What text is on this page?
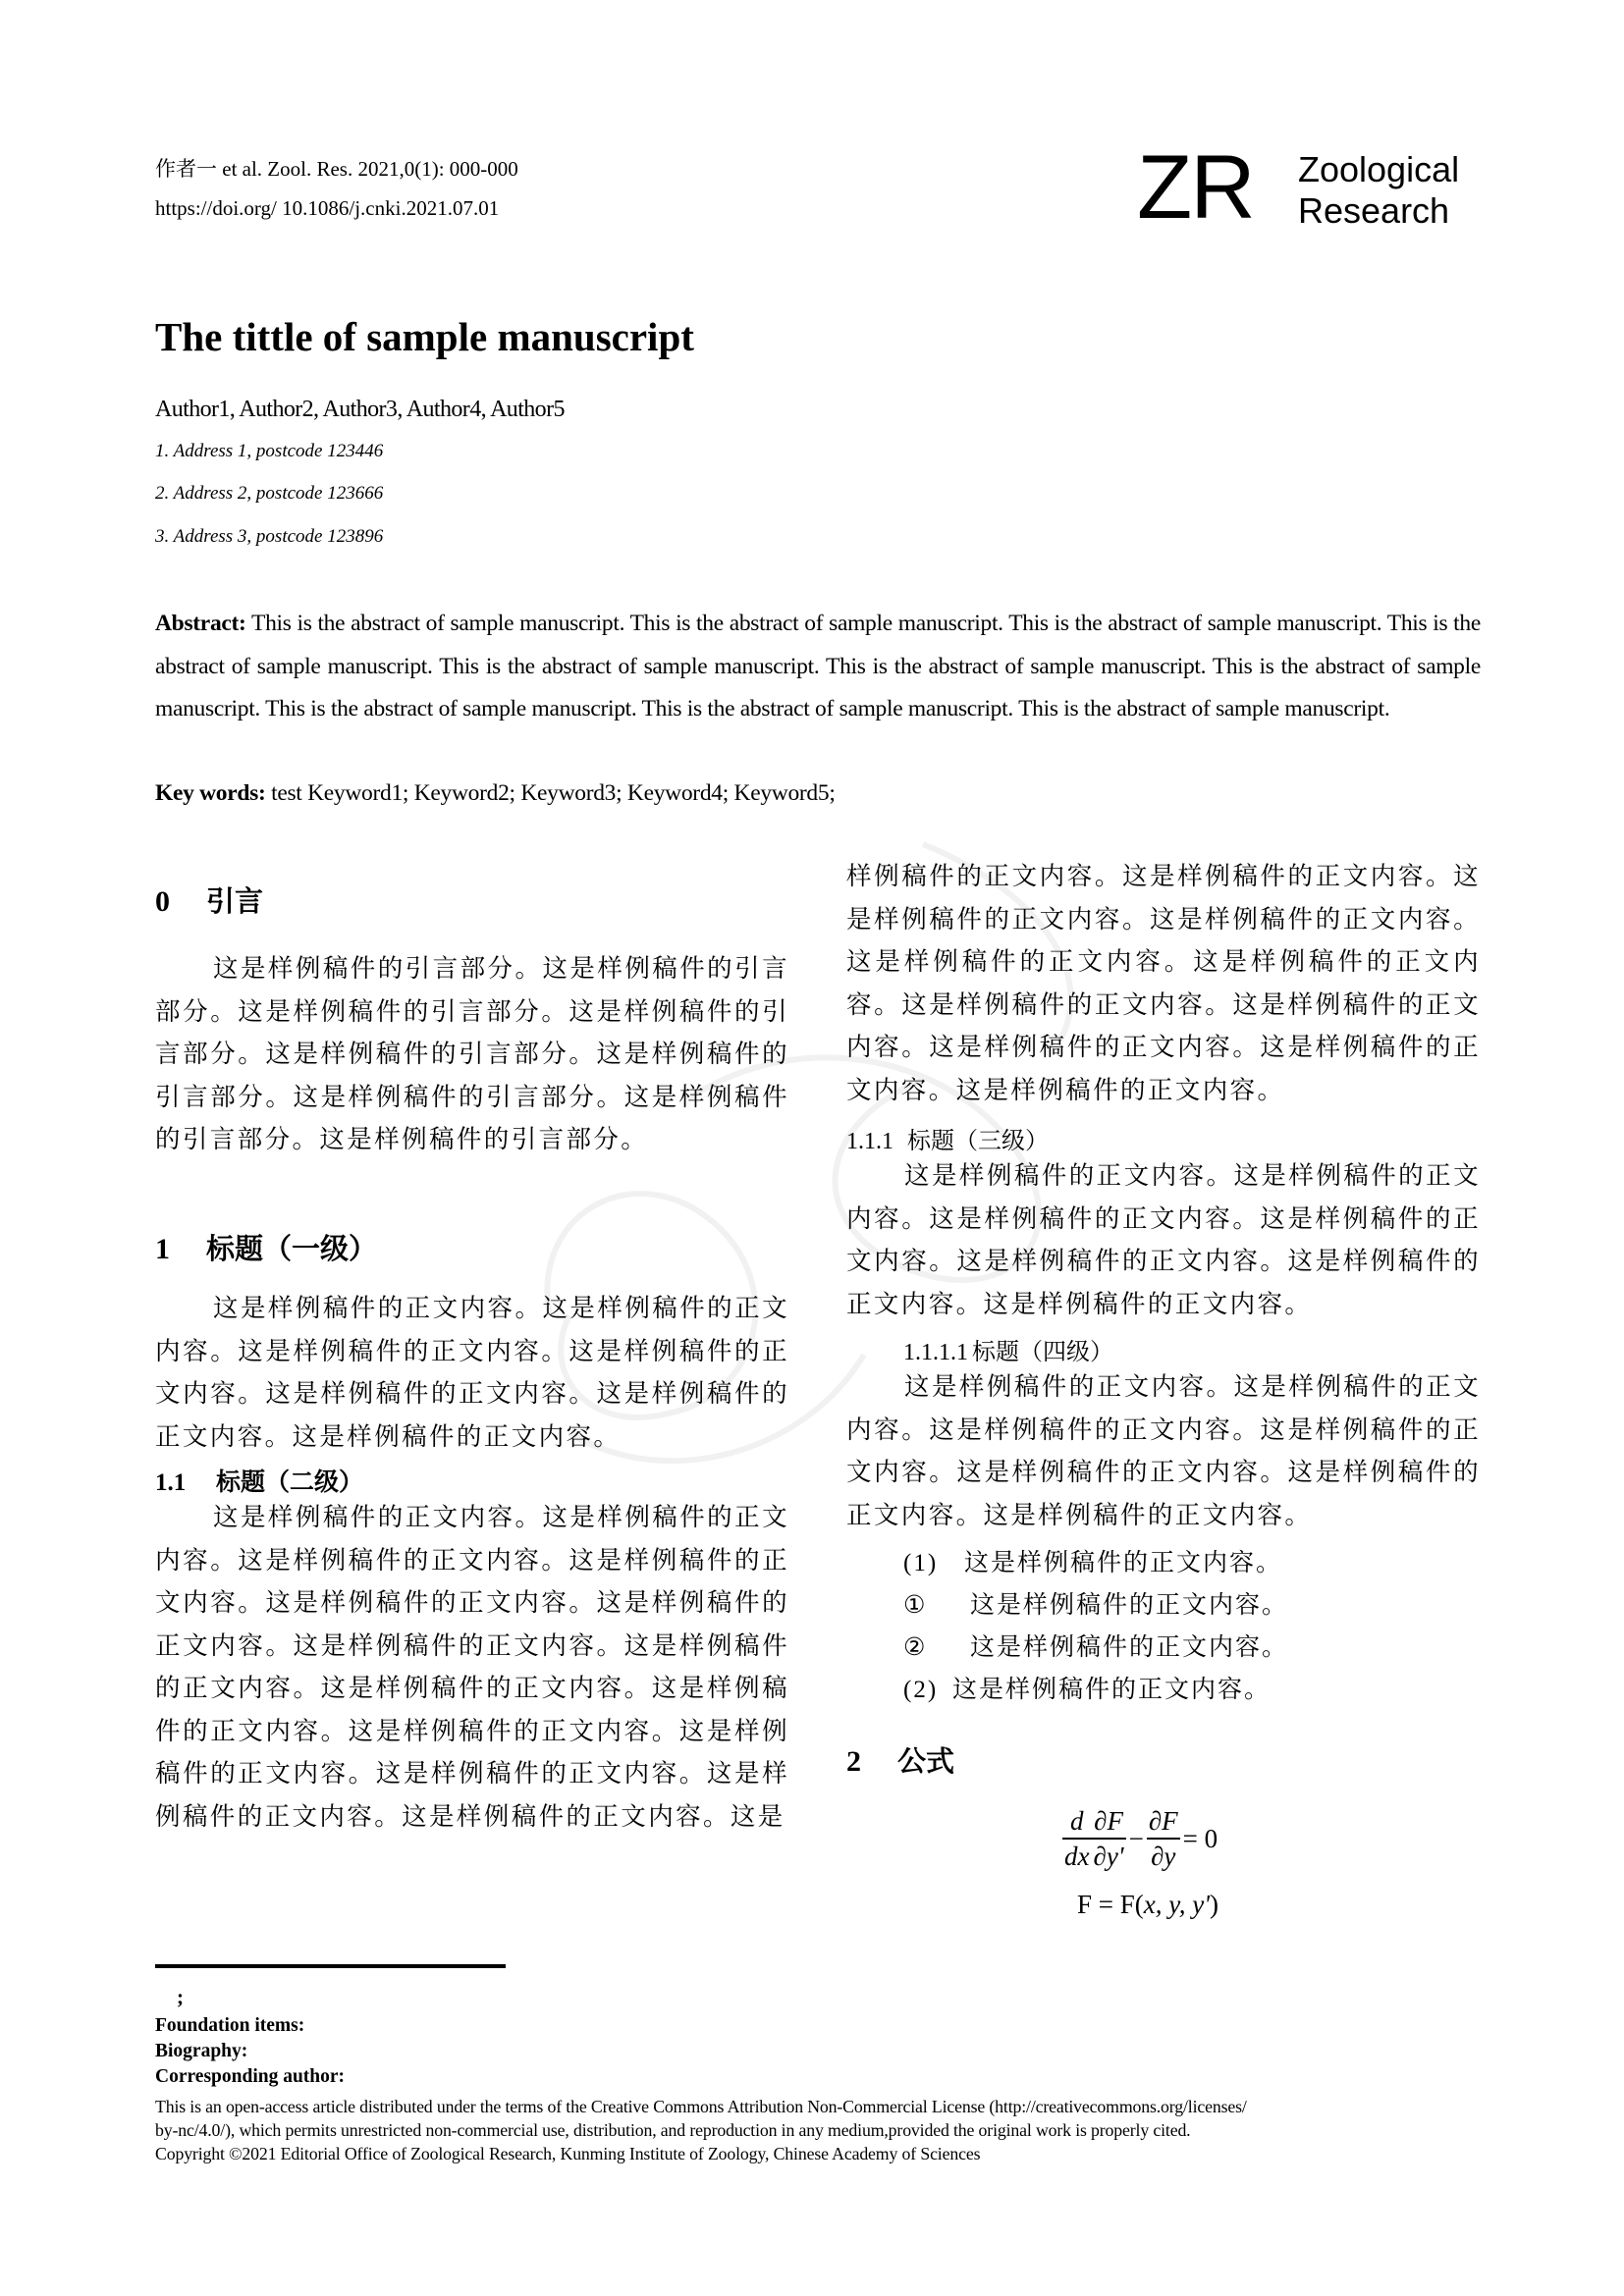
作者一 et al. Zool. Res. 2021,0(1): 000-000
https://doi.org/ 10.1086/j.cnki.2021.07.01	ZR Zoological
Research
The tittle of sample manuscript
Author1, Author2, Author3, Author4, Author5
1. Address 1, postcode 123446
2. Address 2, postcode 123666
3. Address 3, postcode 123896
Abstract: This is the abstract of sample manuscript. This is the abstract of sample manuscript. This is the abstract of sample manuscript. This is the abstract of sample manuscript. This is the abstract of sample manuscript. This is the abstract of sample manuscript. This is the abstract of sample manuscript. This is the abstract of sample manuscript. This is the abstract of sample manuscript. This is the abstract of sample manuscript.
Key words: test Keyword1; Keyword2; Keyword3; Keyword4; Keyword5;
0 引言
这是样例稿件的引言部分。这是样例稿件的引言部分。这是样例稿件的引言部分。这是样例稿件的引言部分。这是样例稿件的引言部分。这是样例稿件的引言部分。这是样例稿件的引言部分。这是样例稿件的引言部分。这是样例稿件的引言部分。
1 标题（一级）
这是样例稿件的正文内容。这是样例稿件的正文内容。这是样例稿件的正文内容。这是样例稿件的正文内容。这是样例稿件的正文内容。这是样例稿件的正文内容。这是样例稿件的正文内容。
1.1 标题（二级）
这是样例稿件的正文内容。这是样例稿件的正文内容。这是样例稿件的正文内容。这是样例稿件的正文内容。这是样例稿件的正文内容。这是样例稿件的正文内容。这是样例稿件的正文内容。这是样例稿件的正文内容。这是样例稿件的正文内容。这是样例稿件的正文内容。这是样例稿件的正文内容。这是样例稿件的正文内容。这是样例稿件的正文内容。这是样例稿件的正文内容。这是样例稿件的正文内容。这是
样例稿件的正文内容。这是样例稿件的正文内容。这是样例稿件的正文内容。这是样例稿件的正文内容。这是样例稿件的正文内容。这是样例稿件的正文内容。这是样例稿件的正文内容。这是样例稿件的正文内容。这是样例稿件的正文内容。这是样例稿件的正文内容。这是样例稿件的正文内容。
1.1.1 标题（三级）
这是样例稿件的正文内容。这是样例稿件的正文内容。这是样例稿件的正文内容。这是样例稿件的正文内容。这是样例稿件的正文内容。这是样例稿件的正文内容。这是样例稿件的正文内容。
1.1.1.1 标题（四级）
这是样例稿件的正文内容。这是样例稿件的正文内容。这是样例稿件的正文内容。这是样例稿件的正文内容。这是样例稿件的正文内容。这是样例稿件的正文内容。这是样例稿件的正文内容。
(1) 这是样例稿件的正文内容。
① 这是样例稿件的正文内容。
② 这是样例稿件的正文内容。
(2) 这是样例稿件的正文内容。
2 公式
$\frac{d}{dx} \frac{\partial F}{\partial y'} - \frac{\partial F}{\partial y} = 0$
F = F(x, y, y')
;
Foundation items:
Biography:
Corresponding author:
This is an open-access article distributed under the terms of the Creative Commons Attribution Non-Commercial License (http://creativecommons.org/licenses/
by-nc/4.0/), which permits unrestricted non-commercial use, distribution, and reproduction in any medium,provided the original work is properly cited.
Copyright ©2021 Editorial Office of Zoological Research, Kunming Institute of Zoology, Chinese Academy of Sciences
